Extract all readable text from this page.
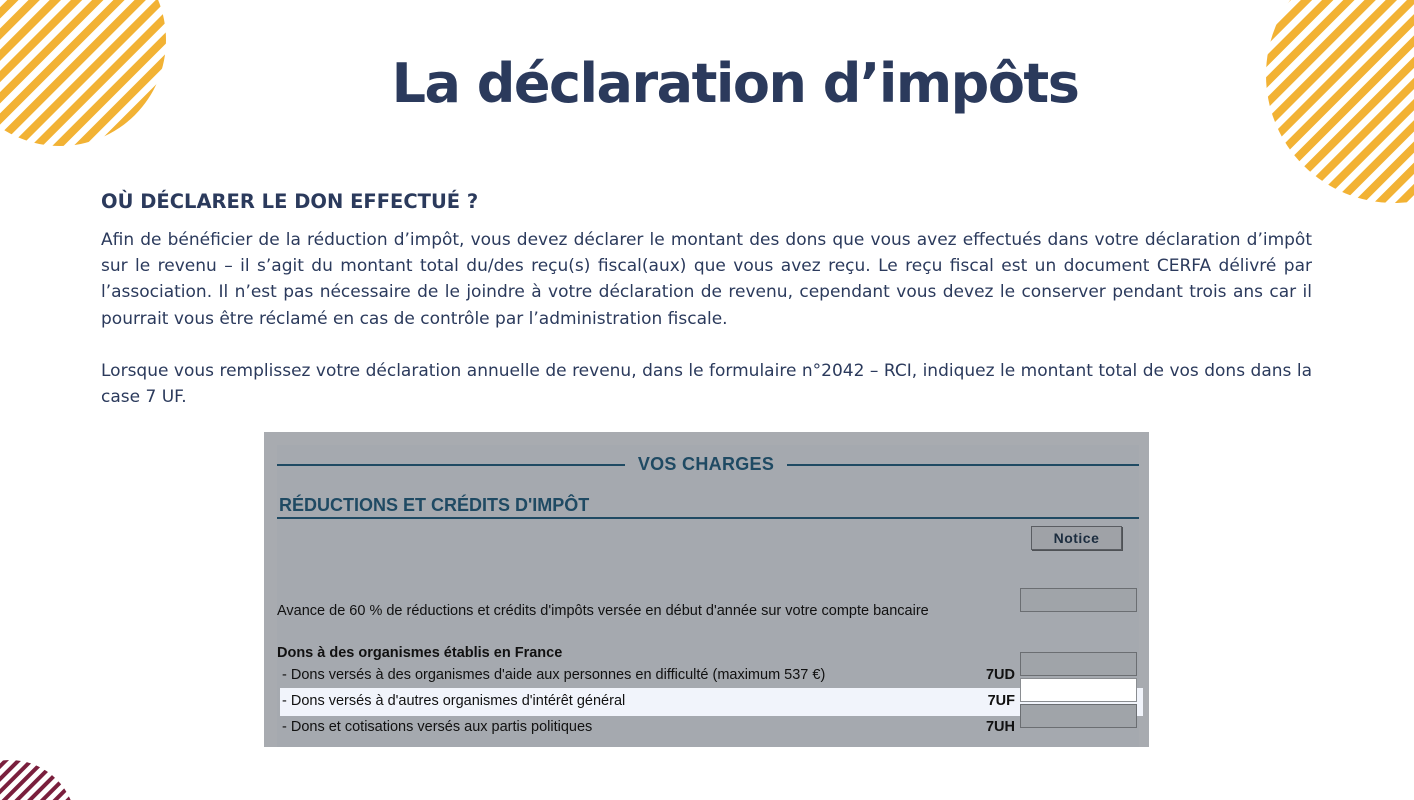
La déclaration d’impôts
OÙ DÉCLARER LE DON EFFECTUÉ ?

Afin de bénéficier de la réduction d’impôt, vous devez déclarer le montant des dons que vous avez effectués dans votre déclaration d’impôt sur le revenu – il s’agit du montant total du/des reçu(s) fiscal(aux) que vous avez reçu. Le reçu fiscal est un document CERFA délivré par l’association. Il n’est pas nécessaire de le joindre à votre déclaration de revenu, cependant vous devez le conserver pendant trois ans car il pourrait vous être réclamé en cas de contrôle par l’administration fiscale.

Lorsque vous remplissez votre déclaration annuelle de revenu, dans le formulaire n°2042 – RCI, indiquez le montant total de vos dons dans la case 7 UF.

VOS CHARGES
RÉDUCTIONS ET CRÉDITS D'IMPÔT
Notice
Avance de 60 % de réductions et crédits d'impôts versée en début d'année sur votre compte bancaire
Dons à des organismes établis en France
- Dons versés à des organismes d'aide aux personnes en difficulté (maximum 537 €)	7UD
- Dons versés à d'autres organismes d'intérêt général	7UF
- Dons et cotisations versés aux partis politiques	7UH
